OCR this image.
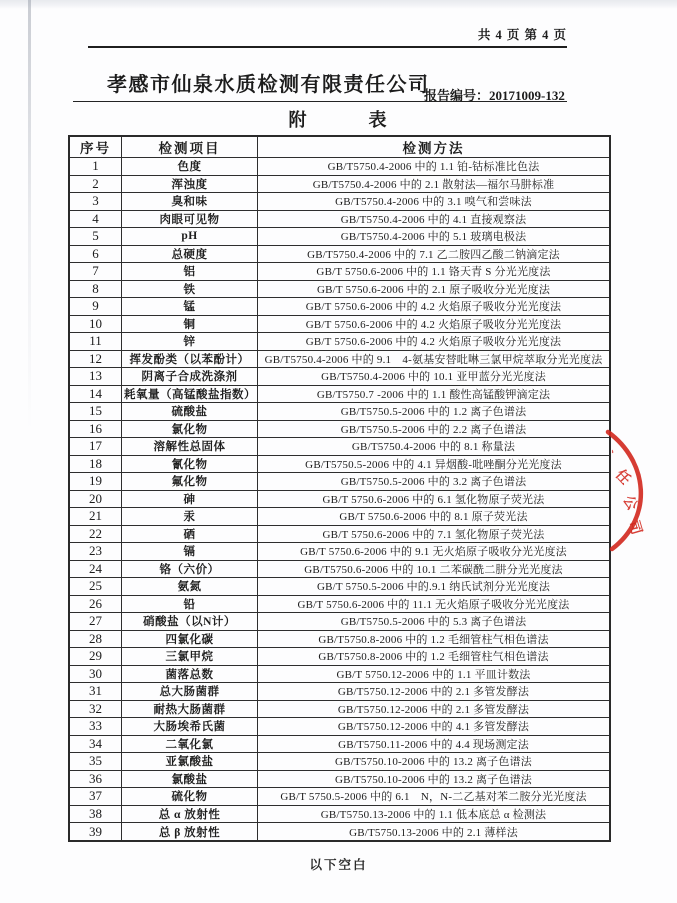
共 4 页 第 4 页
孝感市仙泉水质检测有限责任公司
报告编号：20171009-132
附　　　表
序号	检测项目	检测方法
1	色度	GB/T5750.4-2006 中的 1.1 铂-钴标准比色法
2	浑浊度	GB/T5750.4-2006 中的 2.1 散射法—福尔马肼标准
3	臭和味	GB/T5750.4-2006 中的 3.1 嗅气和尝味法
4	肉眼可见物	GB/T5750.4-2006 中的 4.1 直接观察法
5	pH	GB/T5750.4-2006 中的 5.1 玻璃电极法
6	总硬度	GB/T5750.4-2006 中的 7.1 乙二胺四乙酸二钠滴定法
7	铝	GB/T 5750.6-2006 中的 1.1 铬天青 S 分光光度法
8	铁	GB/T 5750.6-2006 中的 2.1 原子吸收分光光度法
9	锰	GB/T 5750.6-2006 中的 4.2 火焰原子吸收分光光度法
10	铜	GB/T 5750.6-2006 中的 4.2 火焰原子吸收分光光度法
11	锌	GB/T 5750.6-2006 中的 4.2 火焰原子吸收分光光度法
12	挥发酚类（以苯酚计）	GB/T5750.4-2006 中的 9.1　4-氨基安替吡啉三氯甲烷萃取分光光度法
13	阴离子合成洗涤剂	GB/T5750.4-2006 中的 10.1 亚甲蓝分光光度法
14	耗氧量（高锰酸盐指数）	GB/T5750.7 -2006 中的 1.1 酸性高锰酸钾滴定法
15	硫酸盐	GB/T5750.5-2006 中的 1.2 离子色谱法
16	氯化物	GB/T5750.5-2006 中的 2.2 离子色谱法
17	溶解性总固体	GB/T5750.4-2006 中的 8.1 称量法
18	氰化物	GB/T5750.5-2006 中的 4.1 异烟酸-吡唑酮分光光度法
19	氟化物	GB/T5750.5-2006 中的 3.2 离子色谱法
20	砷	GB/T 5750.6-2006 中的 6.1 氢化物原子荧光法
21	汞	GB/T 5750.6-2006 中的 8.1 原子荧光法
22	硒	GB/T 5750.6-2006 中的 7.1 氢化物原子荧光法
23	镉	GB/T 5750.6-2006 中的 9.1 无火焰原子吸收分光光度法
24	铬（六价）	GB/T5750.6-2006 中的 10.1 二苯碳酰二肼分光光度法
25	氨氮	GB/T 5750.5-2006 中的.9.1 纳氏试剂分光光度法
26	铅	GB/T 5750.6-2006 中的 11.1 无火焰原子吸收分光光度法
27	硝酸盐（以N计）	GB/T5750.5-2006 中的 5.3 离子色谱法
28	四氯化碳	GB/T5750.8-2006 中的 1.2 毛细管柱气相色谱法
29	三氯甲烷	GB/T5750.8-2006 中的 1.2 毛细管柱气相色谱法
30	菌落总数	GB/T 5750.12-2006 中的 1.1 平皿计数法
31	总大肠菌群	GB/T5750.12-2006 中的 2.1 多管发酵法
32	耐热大肠菌群	GB/T5750.12-2006 中的 2.1 多管发酵法
33	大肠埃希氏菌	GB/T5750.12-2006 中的 4.1 多管发酵法
34	二氧化氯	GB/T5750.11-2006 中的 4.4 现场测定法
35	亚氯酸盐	GB/T5750.10-2006 中的 13.2 离子色谱法
36	氯酸盐	GB/T5750.10-2006 中的 13.2 离子色谱法
37	硫化物	GB/T 5750.5-2006 中的 6.1　N，N-二乙基对苯二胺分光光度法
38	总 α 放射性	GB/T5750.13-2006 中的 1.1 低本底总 α 检测法
39	总 β 放射性	GB/T5750.13-2006 中的 2.1 薄样法
以下空白
、
任
公
司
